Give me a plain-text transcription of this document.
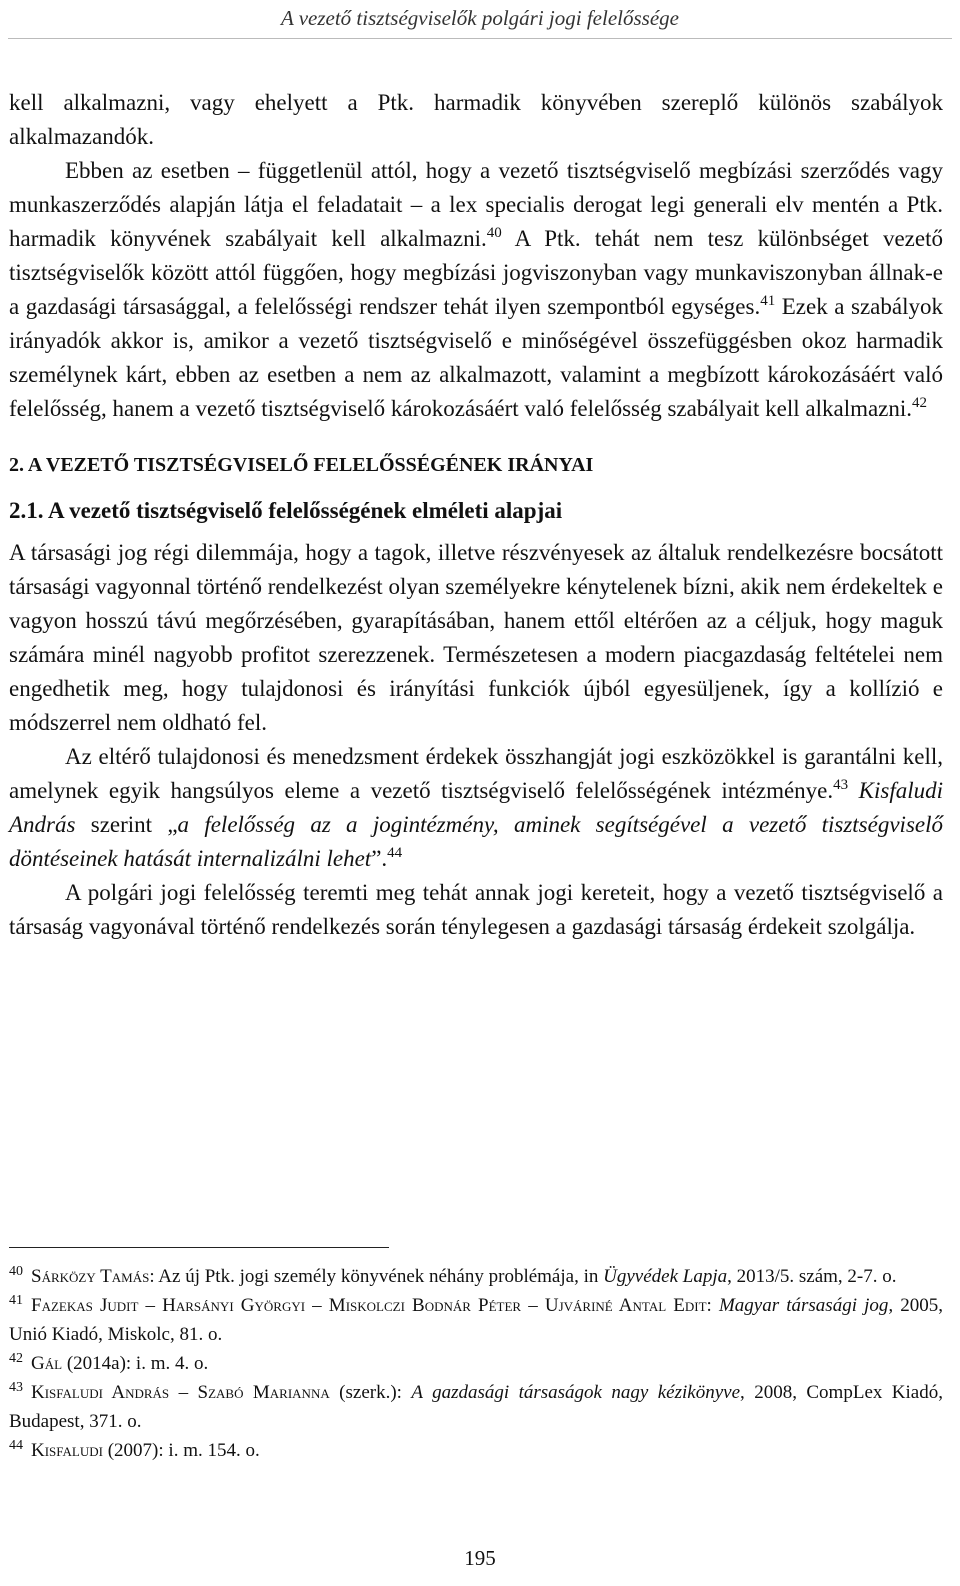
A vezető tisztségviselők polgári jogi felelőssége

kell alkalmazni, vagy ehelyett a Ptk. harmadik könyvében szereplő különös szabályok alkalmazandók.

Ebben az esetben – függetlenül attól, hogy a vezető tisztségviselő megbízási szerződés vagy munkaszerződés alapján látja el feladatait – a lex specialis derogat legi generali elv mentén a Ptk. harmadik könyvének szabályait kell alkalmazni.$^{40}$ A Ptk. tehát nem tesz különbséget vezető tisztségviselők között attól függően, hogy megbízási jogviszonyban vagy munkaviszonyban állnak-e a gazdasági társasággal, a felelősségi rendszer tehát ilyen szempontból egységes.$^{41}$ Ezek a szabályok irányadók akkor is, amikor a vezető tisztségviselő e minőségével összefüggésben okoz harmadik személynek kárt, ebben az esetben a nem az alkalmazott, valamint a megbízott károkozásáért való felelősség, hanem a vezető tisztségviselő károkozásáért való felelősség szabályait kell alkalmazni.$^{42}$

2. A VEZETŐ TISZTSÉGVISELŐ FELELŐSSÉGÉNEK IRÁNYAI

2.1. A vezető tisztségviselő felelősségének elméleti alapjai

A társasági jog régi dilemmája, hogy a tagok, illetve részvényesek az általuk rendelkezésre bocsátott társasági vagyonnal történő rendelkezést olyan személyekre kénytelenek bízni, akik nem érdekeltek e vagyon hosszú távú megőrzésében, gyarapításában, hanem ettől eltérően az a céljuk, hogy maguk számára minél nagyobb profitot szerezzenek. Természetesen a modern piacgazdaság feltételei nem engedhetik meg, hogy tulajdonosi és irányítási funkciók újból egyesüljenek, így a kollízió e módszerrel nem oldható fel.

Az eltérő tulajdonosi és menedzsment érdekek összhangját jogi eszközökkel is garantálni kell, amelynek egyik hangsúlyos eleme a vezető tisztségviselő felelősségének intézménye.$^{43}$ Kisfaludi András szerint „a felelősség az a jogintézmény, aminek segítségével a vezető tisztségviselő döntéseinek hatását internalizálni lehet”.$^{44}$

A polgári jogi felelősség teremti meg tehát annak jogi kereteit, hogy a vezető tisztségviselő a társaság vagyonával történő rendelkezés során ténylegesen a gazdasági társaság érdekeit szolgálja.

$^{40}$ Sárközy Tamás: Az új Ptk. jogi személy könyvének néhány problémája, in Ügyvédek Lapja, 2013/5. szám, 2-7. o.

$^{41}$ Fazekas Judit – Harsányi Györgyi – Miskolczi Bodnár Péter – Ujváriné Antal Edit: Magyar társasági jog, 2005, Unió Kiadó, Miskolc, 81. o.

$^{42}$ Gál (2014a): i. m. 4. o.

$^{43}$ Kisfaludi András – Szabó Marianna (szerk.): A gazdasági társaságok nagy kézikönyve, 2008, CompLex Kiadó, Budapest, 371. o.

$^{44}$ Kisfaludi (2007): i. m. 154. o.

195
